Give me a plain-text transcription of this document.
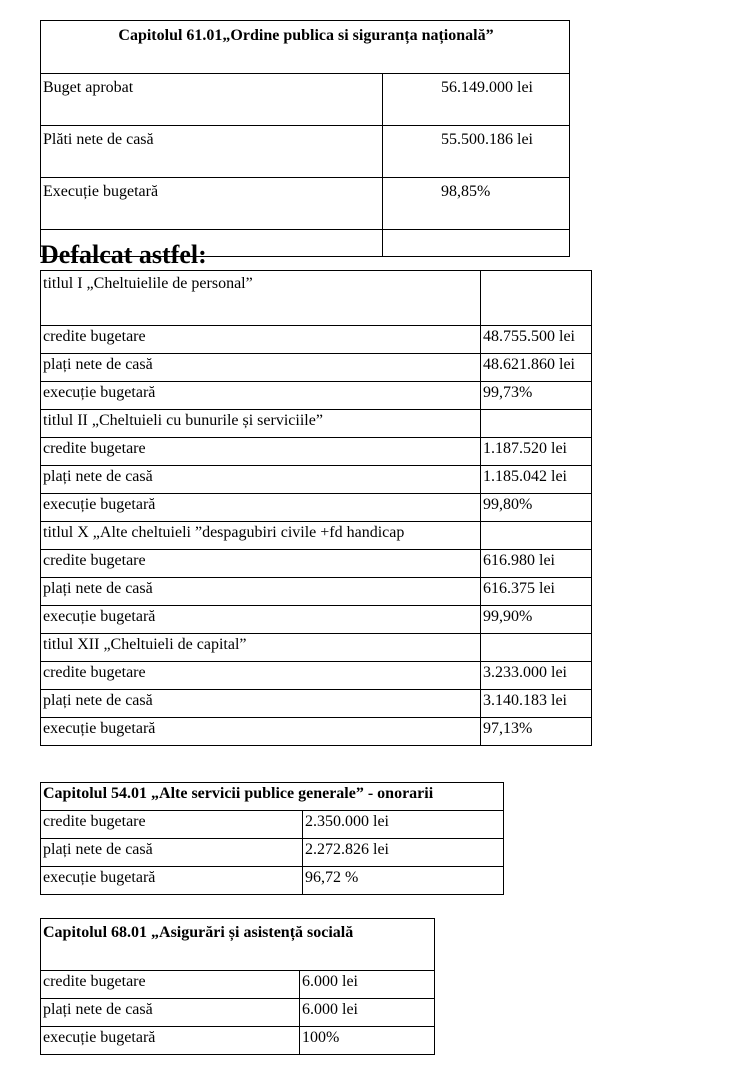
Capitolul 61.01„Ordine publica si siguranța națională”	
Buget aprobat	56.149.000 lei
Plăti nete de casă	55.500.186 lei
Execuție bugetară	98,85%

Defalcat astfel:
titlul I „Cheltuielile de personal”	
credite bugetare	48.755.500 lei
plați nete de casă	48.621.860 lei
execuție bugetară	99,73%
titlul II „Cheltuieli cu bunurile și serviciile”	
credite bugetare	1.187.520 lei
plați nete de casă	1.185.042 lei
execuție bugetară	99,80%
titlul X „Alte cheltuieli ”despagubiri civile +fd handicap	
credite bugetare	616.980 lei
plați nete de casă	616.375 lei
execuție bugetară	99,90%
titlul XII „Cheltuieli de capital”	
credite bugetare	3.233.000 lei
plați nete de casă	3.140.183 lei
execuție bugetară	97,13%
Capitolul 54.01 „Alte servicii publice generale” - onorarii	
credite bugetare	2.350.000 lei
plați nete de casă	2.272.826 lei
execuție bugetară	96,72 %
Capitolul 68.01 „Asigurări și asistență socială	
credite bugetare	6.000 lei
plați nete de casă	6.000 lei
execuție bugetară	100%
